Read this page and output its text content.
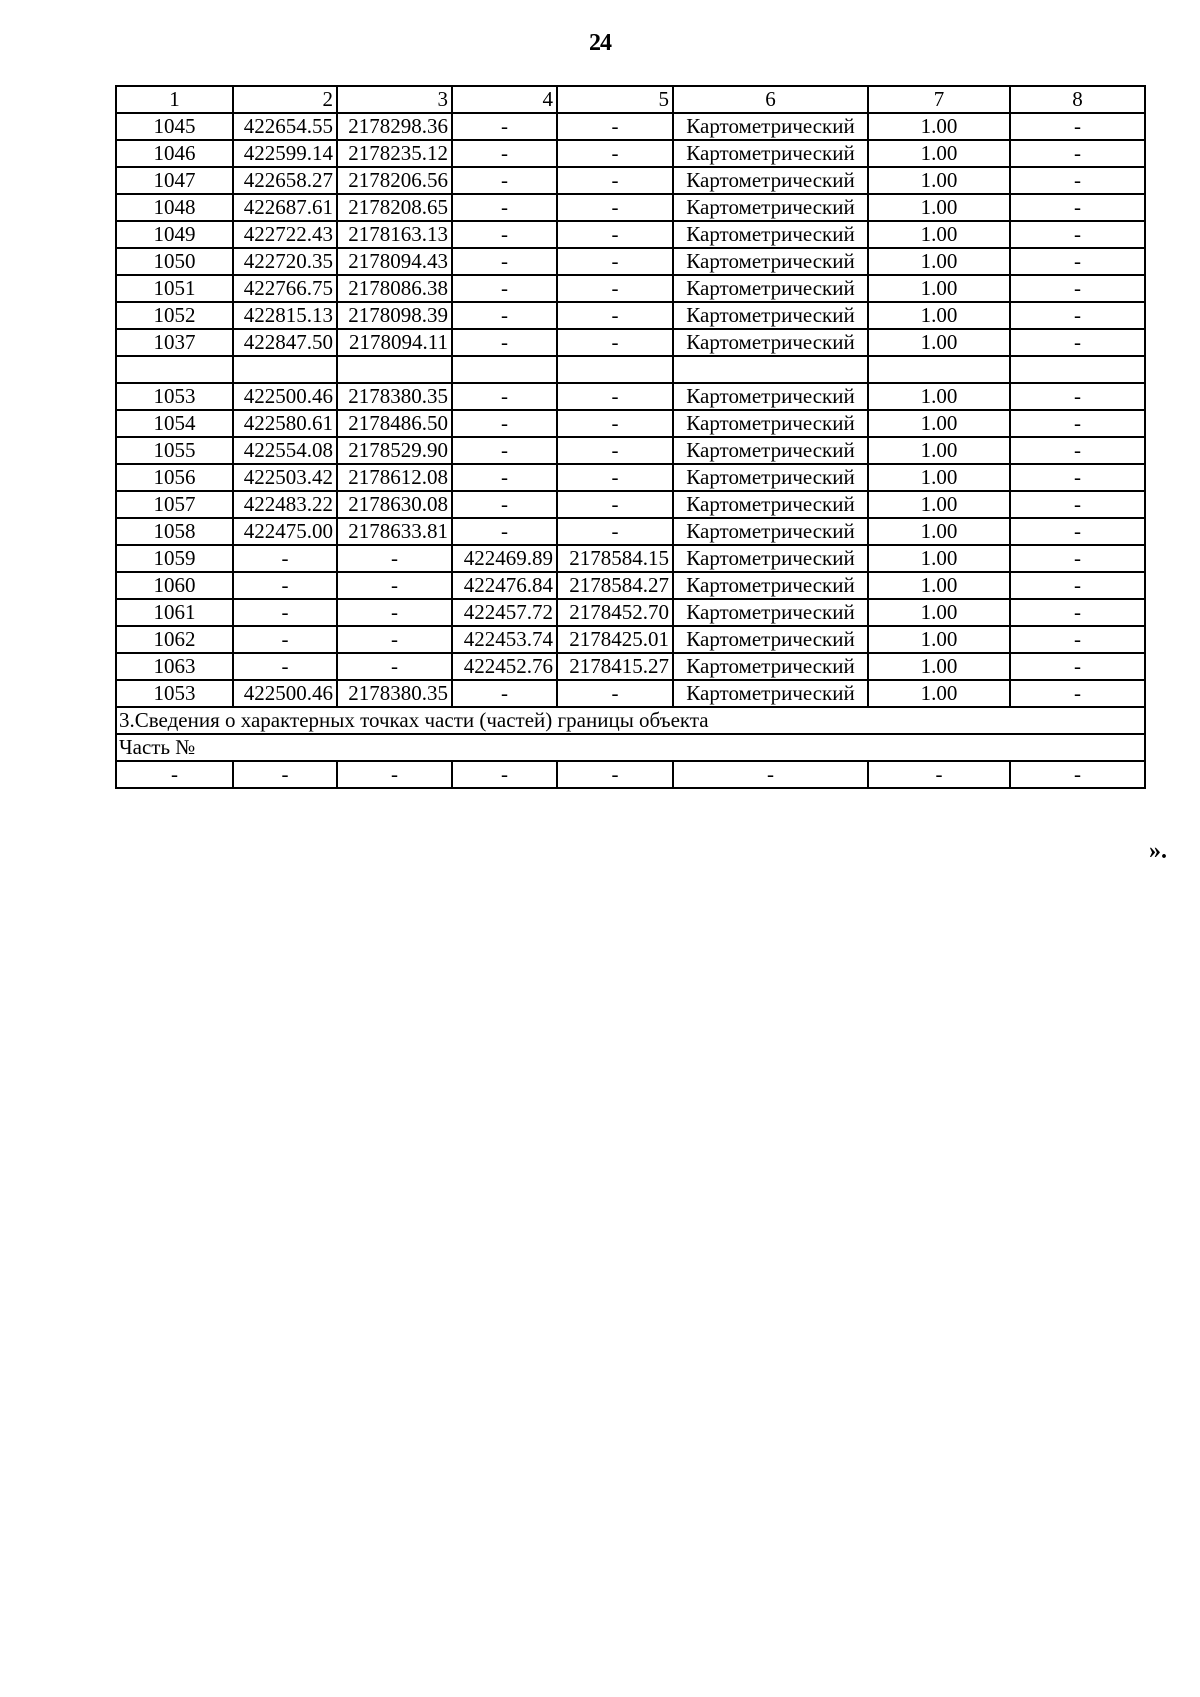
24
1	2	3	4	5	6	7	8
1045	422654.55	2178298.36	-	-	Картометрический	1.00	-
1046	422599.14	2178235.12	-	-	Картометрический	1.00	-
1047	422658.27	2178206.56	-	-	Картометрический	1.00	-
1048	422687.61	2178208.65	-	-	Картометрический	1.00	-
1049	422722.43	2178163.13	-	-	Картометрический	1.00	-
1050	422720.35	2178094.43	-	-	Картометрический	1.00	-
1051	422766.75	2178086.38	-	-	Картометрический	1.00	-
1052	422815.13	2178098.39	-	-	Картометрический	1.00	-
1037	422847.50	2178094.11	-	-	Картометрический	1.00	-

1053	422500.46	2178380.35	-	-	Картометрический	1.00	-
1054	422580.61	2178486.50	-	-	Картометрический	1.00	-
1055	422554.08	2178529.90	-	-	Картометрический	1.00	-
1056	422503.42	2178612.08	-	-	Картометрический	1.00	-
1057	422483.22	2178630.08	-	-	Картометрический	1.00	-
1058	422475.00	2178633.81	-	-	Картометрический	1.00	-
1059	-	-	422469.89	2178584.15	Картометрический	1.00	-
1060	-	-	422476.84	2178584.27	Картометрический	1.00	-
1061	-	-	422457.72	2178452.70	Картометрический	1.00	-
1062	-	-	422453.74	2178425.01	Картометрический	1.00	-
1063	-	-	422452.76	2178415.27	Картометрический	1.00	-
1053	422500.46	2178380.35	-	-	Картометрический	1.00	-
3.Сведения о характерных точках части (частей) границы объекта							
Часть №							
-	-	-	-	-	-	-	-
».
